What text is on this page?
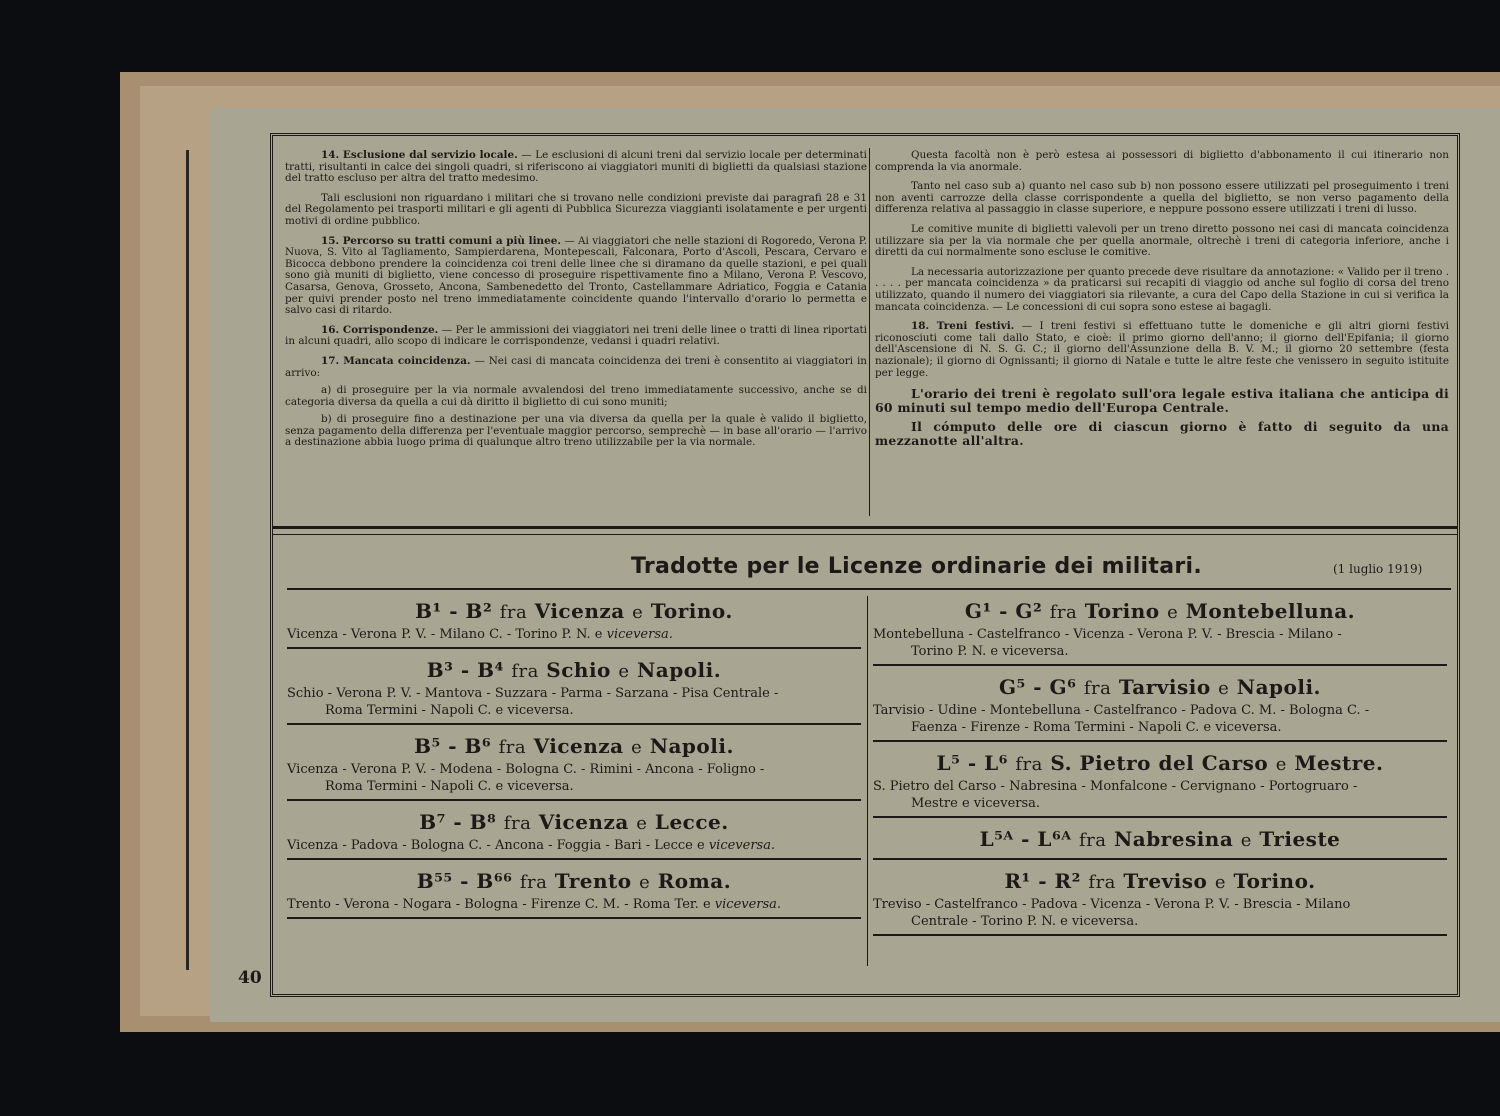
40

14. Esclusione dal servizio locale. — Le esclusioni di alcuni treni dal servizio locale per determinati tratti, risultanti in calce dei singoli quadri, si riferiscono ai viaggiatori muniti di biglietti da qualsiasi stazione del tratto escluso per altra del tratto medesimo.

Tali esclusioni non riguardano i militari che si trovano nelle condizioni previste dai paragrafi 28 e 31 del Regolamento pei trasporti militari e gli agenti di Pubblica Sicurezza viaggianti isolatamente e per urgenti motivi di ordine pubblico.

15. Percorso su tratti comuni a più linee. — Ai viaggiatori che nelle stazioni di Rogoredo, Verona P. Nuova, S. Vito al Tagliamento, Sampierdarena, Montepescali, Falconara, Porto d'Ascoli, Pescara, Cervaro e Bicocca debbono prendere la coincidenza coi treni delle linee che si diramano da quelle stazioni, e pei quali sono già muniti di biglietto, viene concesso di proseguire rispettivamente fino a Milano, Verona P. Vescovo, Casarsa, Genova, Grosseto, Ancona, Sambenedetto del Tronto, Castellammare Adriatico, Foggia e Catania per quivi prender posto nel treno immediatamente coincidente quando l'intervallo d'orario lo permetta e salvo casi di ritardo.

16. Corrispondenze. — Per le ammissioni dei viaggiatori nei treni delle linee o tratti di linea riportati in alcuni quadri, allo scopo di indicare le corrispondenze, vedansi i quadri relativi.

17. Mancata coincidenza. — Nei casi di mancata coincidenza dei treni è consentito ai viaggiatori in arrivo:

a) di proseguire per la via normale avvalendosi del treno immediatamente successivo, anche se di categoria diversa da quella a cui dà diritto il biglietto di cui sono muniti;

b) di proseguire fino a destinazione per una via diversa da quella per la quale è valido il biglietto, senza pagamento della differenza per l'eventuale maggior percorso, semprechè — in base all'orario — l'arrivo a destinazione abbia luogo prima di qualunque altro treno utilizzabile per la via normale.

Questa facoltà non è però estesa ai possessori di biglietto d'abbonamento il cui itinerario non comprenda la via anormale.

Tanto nel caso sub a) quanto nel caso sub b) non possono essere utilizzati pel proseguimento i treni non aventi carrozze della classe corrispondente a quella del biglietto, se non verso pagamento della differenza relativa al passaggio in classe superiore, e neppure possono essere utilizzati i treni di lusso.

Le comitive munite di biglietti valevoli per un treno diretto possono nei casi di mancata coincidenza utilizzare sia per la via normale che per quella anormale, oltrechè i treni di categoria inferiore, anche i diretti da cui normalmente sono escluse le comitive.

La necessaria autorizzazione per quanto precede deve risultare da annotazione: « Valido per il treno . . . . . per mancata coincidenza » da praticarsi sui recapiti di viaggio od anche sul foglio di corsa del treno utilizzato, quando il numero dei viaggiatori sia rilevante, a cura del Capo della Stazione in cui si verifica la mancata coincidenza. — Le concessioni di cui sopra sono estese ai bagagli.

18. Treni festivi. — I treni festivi si effettuano tutte le domeniche e gli altri giorni festivi riconosciuti come tali dallo Stato, e cioè: il primo giorno dell'anno; il giorno dell'Epifania; il giorno dell'Ascensione di N. S. G. C.; il giorno dell'Assunzione della B. V. M.; il giorno 20 settembre (festa nazionale); il giorno di Ognissanti; il giorno di Natale e tutte le altre feste che venissero in seguito istituite per legge.

L'orario dei treni è regolato sull'ora legale estiva italiana che anticipa di 60 minuti sul tempo medio dell'Europa Centrale.

Il cómputo delle ore di ciascun giorno è fatto di seguito da una mezzanotte all'altra.

Tradotte per le Licenze ordinarie dei militari.	(1 luglio 1919)
B¹ - B² fra Vicenza e Torino.
Vicenza - Verona P. V. - Milano C. - Torino P. N. e viceversa.
B³ - B⁴ fra Schio e Napoli.
Schio - Verona P. V. - Mantova - Suzzara - Parma - Sarzana - Pisa Centrale -
Roma Termini - Napoli C. e viceversa.
B⁵ - B⁶ fra Vicenza e Napoli.
Vicenza - Verona P. V. - Modena - Bologna C. - Rimini - Ancona - Foligno -
Roma Termini - Napoli C. e viceversa.
B⁷ - B⁸ fra Vicenza e Lecce.
Vicenza - Padova - Bologna C. - Ancona - Foggia - Bari - Lecce e viceversa.
B⁵⁵ - B⁶⁶ fra Trento e Roma.
Trento - Verona - Nogara - Bologna - Firenze C. M. - Roma Ter. e viceversa.
G¹ - G² fra Torino e Montebelluna.
Montebelluna - Castelfranco - Vicenza - Verona P. V. - Brescia - Milano -
Torino P. N. e viceversa.
G⁵ - G⁶ fra Tarvisio e Napoli.
Tarvisio - Udine - Montebelluna - Castelfranco - Padova C. M. - Bologna C. -
Faenza - Firenze - Roma Termini - Napoli C. e viceversa.
L⁵ - L⁶ fra S. Pietro del Carso e Mestre.
S. Pietro del Carso - Nabresina - Monfalcone - Cervignano - Portogruaro -
Mestre e viceversa.
L⁵ᴬ - L⁶ᴬ fra Nabresina e Trieste
R¹ - R² fra Treviso e Torino.
Treviso - Castelfranco - Padova - Vicenza - Verona P. V. - Brescia - Milano
Centrale - Torino P. N. e viceversa.
